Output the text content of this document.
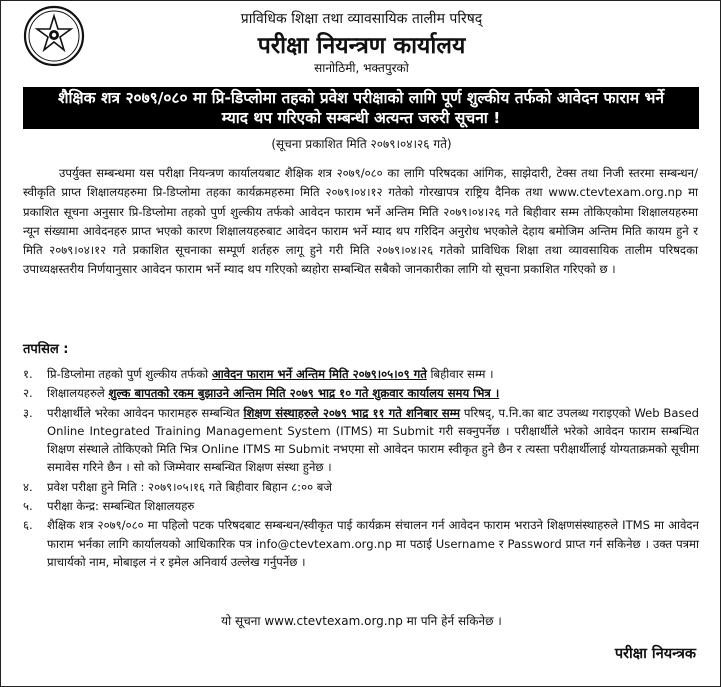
प्राविधिक शिक्षा तथा व्यावसायिक तालीम परिषद्
परीक्षा नियन्त्रण कार्यालय
सानोठिमी, भक्तपुरको
शैक्षिक शत्र २०७९/०८० मा प्रि-डिप्लोमा तहको प्रवेश परीक्षाको लागि पूर्ण शुल्कीय तर्फको आवेदन फाराम भर्ने
म्याद थप गरिएको सम्बन्धी अत्यन्त जरुरी सूचना !
(सूचना प्रकाशित मिति २०७९।०४।२६ गते)
उपर्युक्त सम्बन्धमा यस परीक्षा नियन्त्रण कार्यालयबाट शैक्षिक शत्र २०७९/०८० का लागि परिषदका आंगिक, साझेदारी, टेक्स तथा निजी स्तरमा सम्बन्धन/स्वीकृति प्राप्त शिक्षालयहरुमा प्रि-डिप्लोमा तहका कार्यक्रमहरुमा मिति २०७९।०४।१२ गतेको गोरखापत्र राष्ट्रिय दैनिक तथा www.ctevtexam.org.np मा प्रकाशित सूचना अनुसार प्रि-डिप्लोमा तहको पुर्ण शुल्कीय तर्फको आवेदन फाराम भर्ने अन्तिम मिति २०७९।०४।२६ गते बिहीवार सम्म तोकिएकोमा शिक्षालयहरुमा न्यून संख्यामा आवेदनहरु प्राप्त भएको कारण शिक्षालयहरुबाट आवेदन फाराम भर्ने म्याद थप गरिदिन अनुरोध भएकोले देहाय बमोजिम अन्तिम मिति कायम हुने र मिति २०७९।०४।१२ गते प्रकाशित सूचनाका सम्पूर्ण शर्तहरु लागू हुने गरी मिति २०७९।०४।२६ गतेको प्राविधिक शिक्षा तथा व्यावसायिक तालीम परिषदका उपाध्यक्षस्तरीय निर्णयानुसार आवेदन फाराम भर्ने म्याद थप गरिएको ब्यहोरा सम्बन्धित सबैको जानकारीका लागि यो सूचना प्रकाशित गरिएको छ ।
तपसिल :
१.	प्रि-डिप्लोमा तहको पुर्ण शुल्कीय तर्फको आवेदन फाराम भर्ने अन्तिम मिति २०७९।०५।०९ गते बिहीवार सम्म ।
२.	शिक्षालयहरुले शुल्क बापतको रकम बुझाउने अन्तिम मिति २०७९ भाद्र १० गते शुक्रवार कार्यालय समय भित्र ।
३.	परीक्षार्थीले भरेका आवेदन फारामहरु सम्बन्धित शिक्षण संस्थाहरुले २०७९ भाद्र ११ गते शनिबार सम्म परिषद्, प.नि.का बाट उपलब्ध गराइएको Web Based Online Integrated Training Management System (ITMS) मा Submit गरी सक्नुपर्नेछ । परीक्षार्थीले भरेको आवेदन फाराम सम्बन्धित शिक्षण संस्थाले तोकिएको मिति भित्र Online ITMS मा Submit नभएमा सो आवेदन फाराम स्वीकृत हुने छैन र त्यस्ता परीक्षार्थीलाई योग्यताक्रमको सूचीमा समावेस गरिने छैन । सो को जिम्मेवार सम्बन्धित शिक्षण संस्था हुनेछ ।
४.	प्रवेश परीक्षा हुने मिति : २०७९।०५।१६ गते बिहीवार बिहान ८:०० बजे
५.	परीक्षा केन्द्र: सम्बन्धित शिक्षालयहरु
६.	शैक्षिक शत्र २०७९/०८० मा पहिलो पटक परिषदबाट सम्बन्धन/स्वीकृत पाई कार्यक्रम संचालन गर्न आवेदन फाराम भराउने शिक्षणसंस्थाहरुले ITMS मा आवेदन फाराम भर्नका लागि कार्यालयको आधिकारिक पत्र info@ctevtexam.org.np मा पठाई Username र Password प्राप्त गर्न सकिनेछ । उक्त पत्रमा प्राचार्यको नाम, मोबाइल नं र इमेल अनिवार्य उल्लेख गर्नुपर्नेछ ।
यो सूचना www.ctevtexam.org.np मा पनि हेर्न सकिनेछ ।
परीक्षा नियन्त्रक
